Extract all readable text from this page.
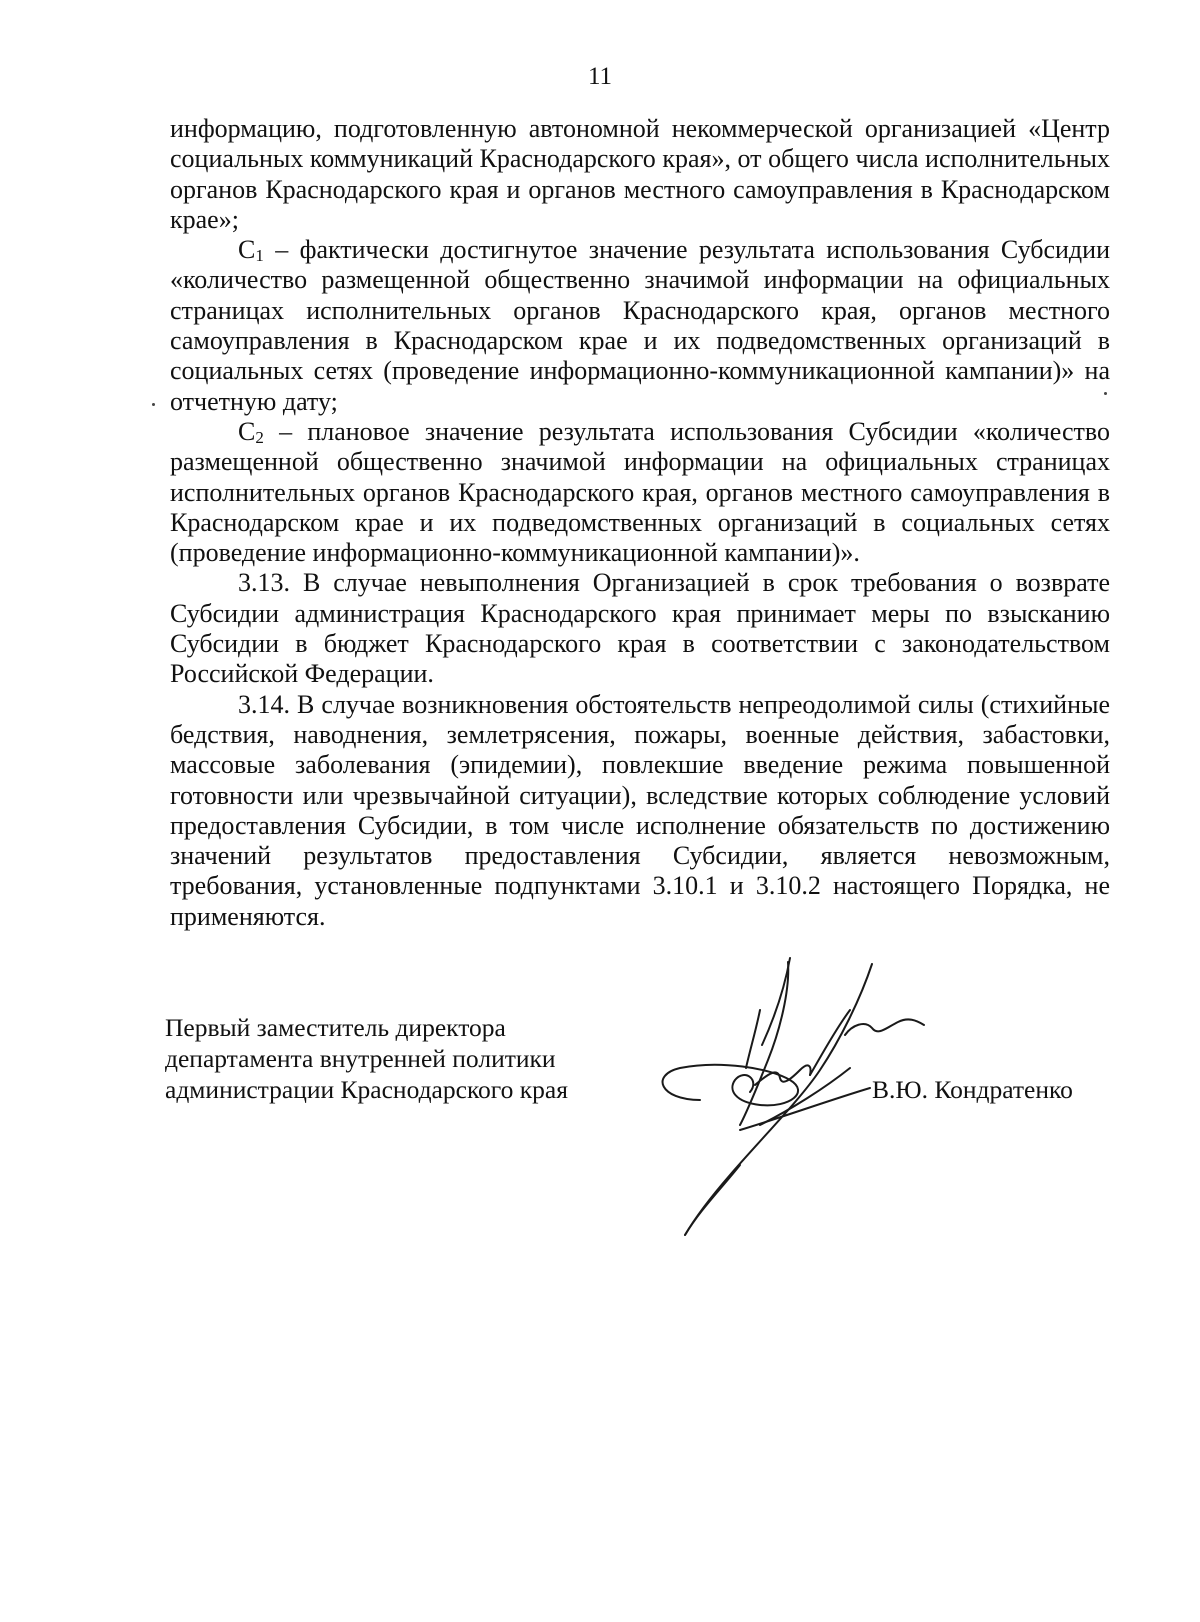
11

информацию, подготовленную автономной некоммерческой организацией «Центр социальных коммуникаций Краснодарского края», от общего числа исполнительных органов Краснодарского края и органов местного самоуправления в Краснодарском крае»;

C1 – фактически достигнутое значение результата использования Субсидии «количество размещенной общественно значимой информации на официальных страницах исполнительных органов Краснодарского края, органов местного самоуправления в Краснодарском крае и их подведомственных организаций в социальных сетях (проведение информационно-коммуникационной кампании)» на отчетную дату;

C2 – плановое значение результата использования Субсидии «количество размещенной общественно значимой информации на официальных страницах исполнительных органов Краснодарского края, органов местного самоуправления в Краснодарском крае и их подведомственных организаций в социальных сетях (проведение информационно-коммуникационной кампании)».

3.13. В случае невыполнения Организацией в срок требования о возврате Субсидии администрация Краснодарского края принимает меры по взысканию Субсидии в бюджет Краснодарского края в соответствии с законодательством Российской Федерации.

3.14. В случае возникновения обстоятельств непреодолимой силы (стихийные бедствия, наводнения, землетрясения, пожары, военные действия, забастовки, массовые заболевания (эпидемии), повлекшие введение режима повышенной готовности или чрезвычайной ситуации), вследствие которых соблюдение условий предоставления Субсидии, в том числе исполнение обязательств по достижению значений результатов предоставления Субсидии, является невозможным, требования, установленные подпунктами 3.10.1 и 3.10.2 настоящего Порядка, не применяются.

Первый заместитель директора
департамента внутренней политики
администрации Краснодарского края	В.Ю. Кондратенко
